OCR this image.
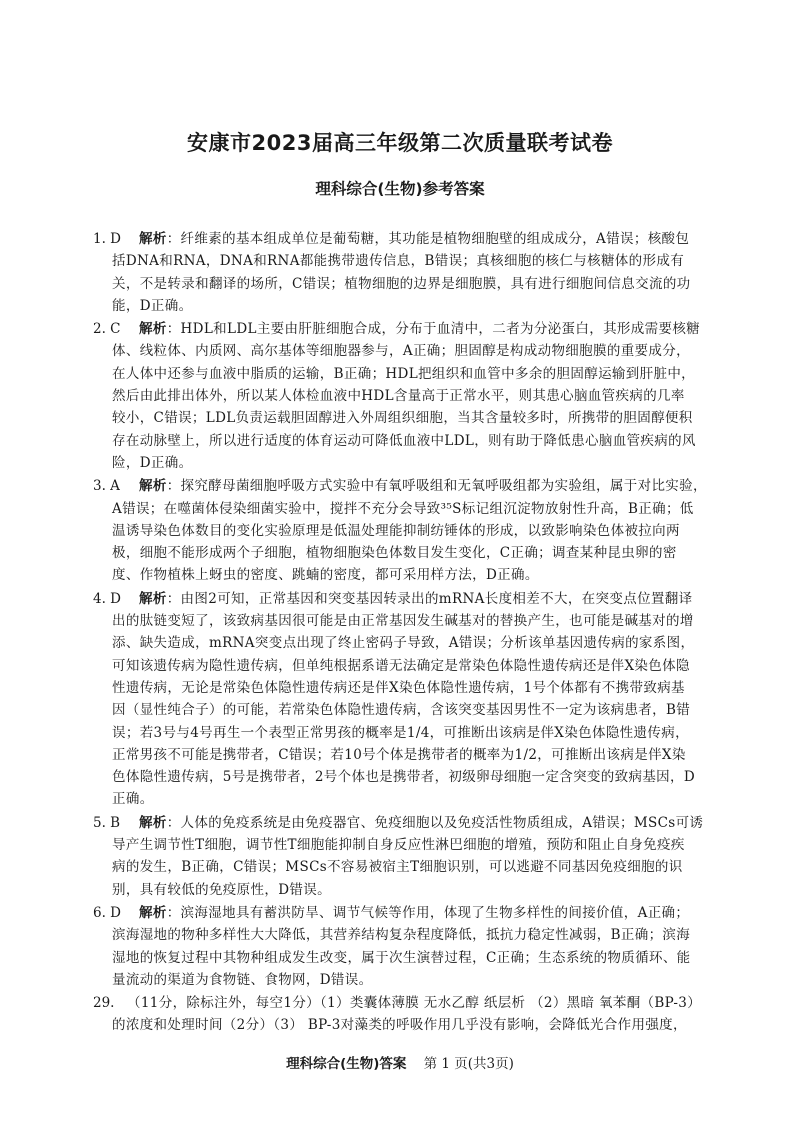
安康市2023届高三年级第二次质量联考试卷
理科综合(生物)参考答案
1. D	解析：纤维素的基本组成单位是葡萄糖，其功能是植物细胞壁的组成成分，A错误；核酸包
括DNA和RNA，DNA和RNA都能携带遗传信息，B错误；真核细胞的核仁与核糖体的形成有
关，不是转录和翻译的场所，C错误；植物细胞的边界是细胞膜，具有进行细胞间信息交流的功
能，D正确。
2. C	解析：HDL和LDL主要由肝脏细胞合成，分布于血清中，二者为分泌蛋白，其形成需要核糖
体、线粒体、内质网、高尔基体等细胞器参与，A正确；胆固醇是构成动物细胞膜的重要成分，
在人体中还参与血液中脂质的运输，B正确；HDL把组织和血管中多余的胆固醇运输到肝脏中，
然后由此排出体外，所以某人体检血液中HDL含量高于正常水平，则其患心脑血管疾病的几率
较小，C错误；LDL负责运载胆固醇进入外周组织细胞，当其含量较多时，所携带的胆固醇便积
存在动脉壁上，所以进行适度的体育运动可降低血液中LDL，则有助于降低患心脑血管疾病的风
险，D正确。
3. A	解析：探究酵母菌细胞呼吸方式实验中有氧呼吸组和无氧呼吸组都为实验组，属于对比实验，
A错误；在噬菌体侵染细菌实验中，搅拌不充分会导致³⁵S标记组沉淀物放射性升高，B正确；低
温诱导染色体数目的变化实验原理是低温处理能抑制纺锤体的形成，以致影响染色体被拉向两
极，细胞不能形成两个子细胞，植物细胞染色体数目发生变化，C正确；调查某种昆虫卵的密
度、作物植株上蚜虫的密度、跳蝻的密度，都可采用样方法，D正确。
4. D	解析：由图2可知，正常基因和突变基因转录出的mRNA长度相差不大，在突变点位置翻译
出的肽链变短了，该致病基因很可能是由正常基因发生碱基对的替换产生，也可能是碱基对的增
添、缺失造成，mRNA突变点出现了终止密码子导致，A错误；分析该单基因遗传病的家系图，
可知该遗传病为隐性遗传病，但单纯根据系谱无法确定是常染色体隐性遗传病还是伴X染色体隐
性遗传病，无论是常染色体隐性遗传病还是伴X染色体隐性遗传病，1号个体都有不携带致病基
因（显性纯合子）的可能，若常染色体隐性遗传病，含该突变基因男性不一定为该病患者，B错
误；若3号与4号再生一个表型正常男孩的概率是1/4，可推断出该病是伴X染色体隐性遗传病，
正常男孩不可能是携带者，C错误；若10号个体是携带者的概率为1/2，可推断出该病是伴X染
色体隐性遗传病，5号是携带者，2号个体也是携带者，初级卵母细胞一定含突变的致病基因，D
正确。
5. B	解析：人体的免疫系统是由免疫器官、免疫细胞以及免疫活性物质组成，A错误；MSCs可诱
导产生调节性T细胞，调节性T细胞能抑制自身反应性淋巴细胞的增殖，预防和阻止自身免疫疾
病的发生，B正确，C错误；MSCs不容易被宿主T细胞识别，可以逃避不同基因免疫细胞的识
别，具有较低的免疫原性，D错误。
6. D	解析：滨海湿地具有蓄洪防旱、调节气候等作用，体现了生物多样性的间接价值，A正确；
滨海湿地的物种多样性大大降低，其营养结构复杂程度降低，抵抗力稳定性减弱，B正确；滨海
湿地的恢复过程中其物种组成发生改变，属于次生演替过程，C正确；生态系统的物质循环、能
量流动的渠道为食物链、食物网，D错误。
29. （11分，除标注外，每空1分）（1）类囊体薄膜 无水乙醇 纸层析 （2）黑暗 氧苯酮（BP-3）
的浓度和处理时间（2分）（3） BP-3对藻类的呼吸作用几乎没有影响，会降低光合作用强度，
理科综合(生物)答案 第 1 页(共3页)
